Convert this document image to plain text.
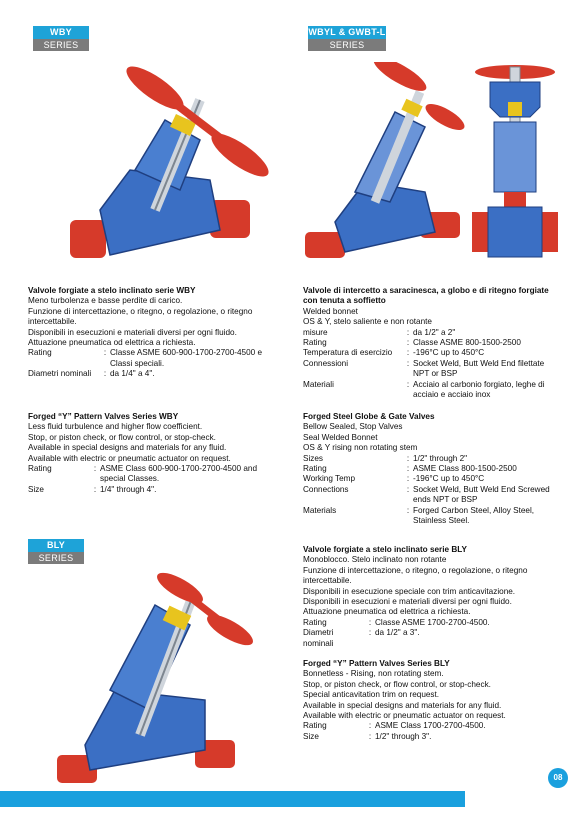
WBY
SERIES
WBYL & GWBT-L
SERIES
BLY
SERIES
Valvole forgiate a stelo inclinato serie WBY
Meno turbolenza e basse perdite di carico.
Funzione di intercettazione, o ritegno, o regolazione, o ritegno
intercettabile.
Disponibili in esecuzioni e materiali diversi per ogni fluido.
Attuazione pneumatica od elettrica a richiesta.
Rating	: Classe ASME 600-900-1700-2700-4500 e
Classi speciali.
Diametri nominali	: da 1/4" a 4".
Forged “Y” Pattern Valves Series WBY
Less fluid turbulence and higher flow coefficient.
Stop, or piston check, or flow control, or stop-check.
Available in special designs and materials for any fluid.
Available with electric or pneumatic actuator on request.
Rating	: ASME Class 600-900-1700-2700-4500 and
special Classes.
Size	: 1/4" through 4".
Valvole di intercetto a saracinesca, a globo e di ritegno forgiate
con tenuta a soffietto
Welded bonnet
OS & Y, stelo saliente e non rotante
misure	: da 1/2" a 2"
Rating	: Classe ASME 800-1500-2500
Temperatura di esercizio	: -196°C up to 450°C
Connessioni	: Socket Weld, Butt Weld End filettate
NPT or BSP
Materiali	: Acciaio al carbonio forgiato, leghe di
acciaio e acciaio inox
Forged Steel Globe & Gate Valves
Bellow Sealed, Stop Valves
Seal Welded Bonnet
OS & Y rising non rotating stem
Sizes	: 1/2" through 2"
Rating	: ASME Class 800-1500-2500
Working Temp	: -196°C up to 450°C
Connections	: Socket Weld, Butt Weld End Screwed
ends NPT or BSP
Materials	: Forged Carbon Steel, Alloy Steel,
Stainless Steel.
Valvole forgiate a stelo inclinato serie BLY
Monoblocco. Stelo inclinato non rotante
Funzione di intercettazione, o ritegno, o regolazione, o ritegno
intercettabile.
Disponibili in esecuzione speciale con trim anticavitazione.
Disponibili in esecuzioni e materiali diversi per ogni fluido.
Attuazione pneumatica od elettrica a richiesta.
Rating	: Classe ASME 1700-2700-4500.
Diametri nominali
: da 1/2" a 3".
Forged “Y” Pattern Valves Series BLY
Bonnetless - Rising, non rotating stem.
Stop, or piston check, or flow control, or stop-check.
Special anticavitation trim on request.
Available in special designs and materials for any fluid.
Available with electric or pneumatic actuator on request.
Rating	: ASME Class 1700-2700-4500.
Size	: 1/2" through 3".
08
